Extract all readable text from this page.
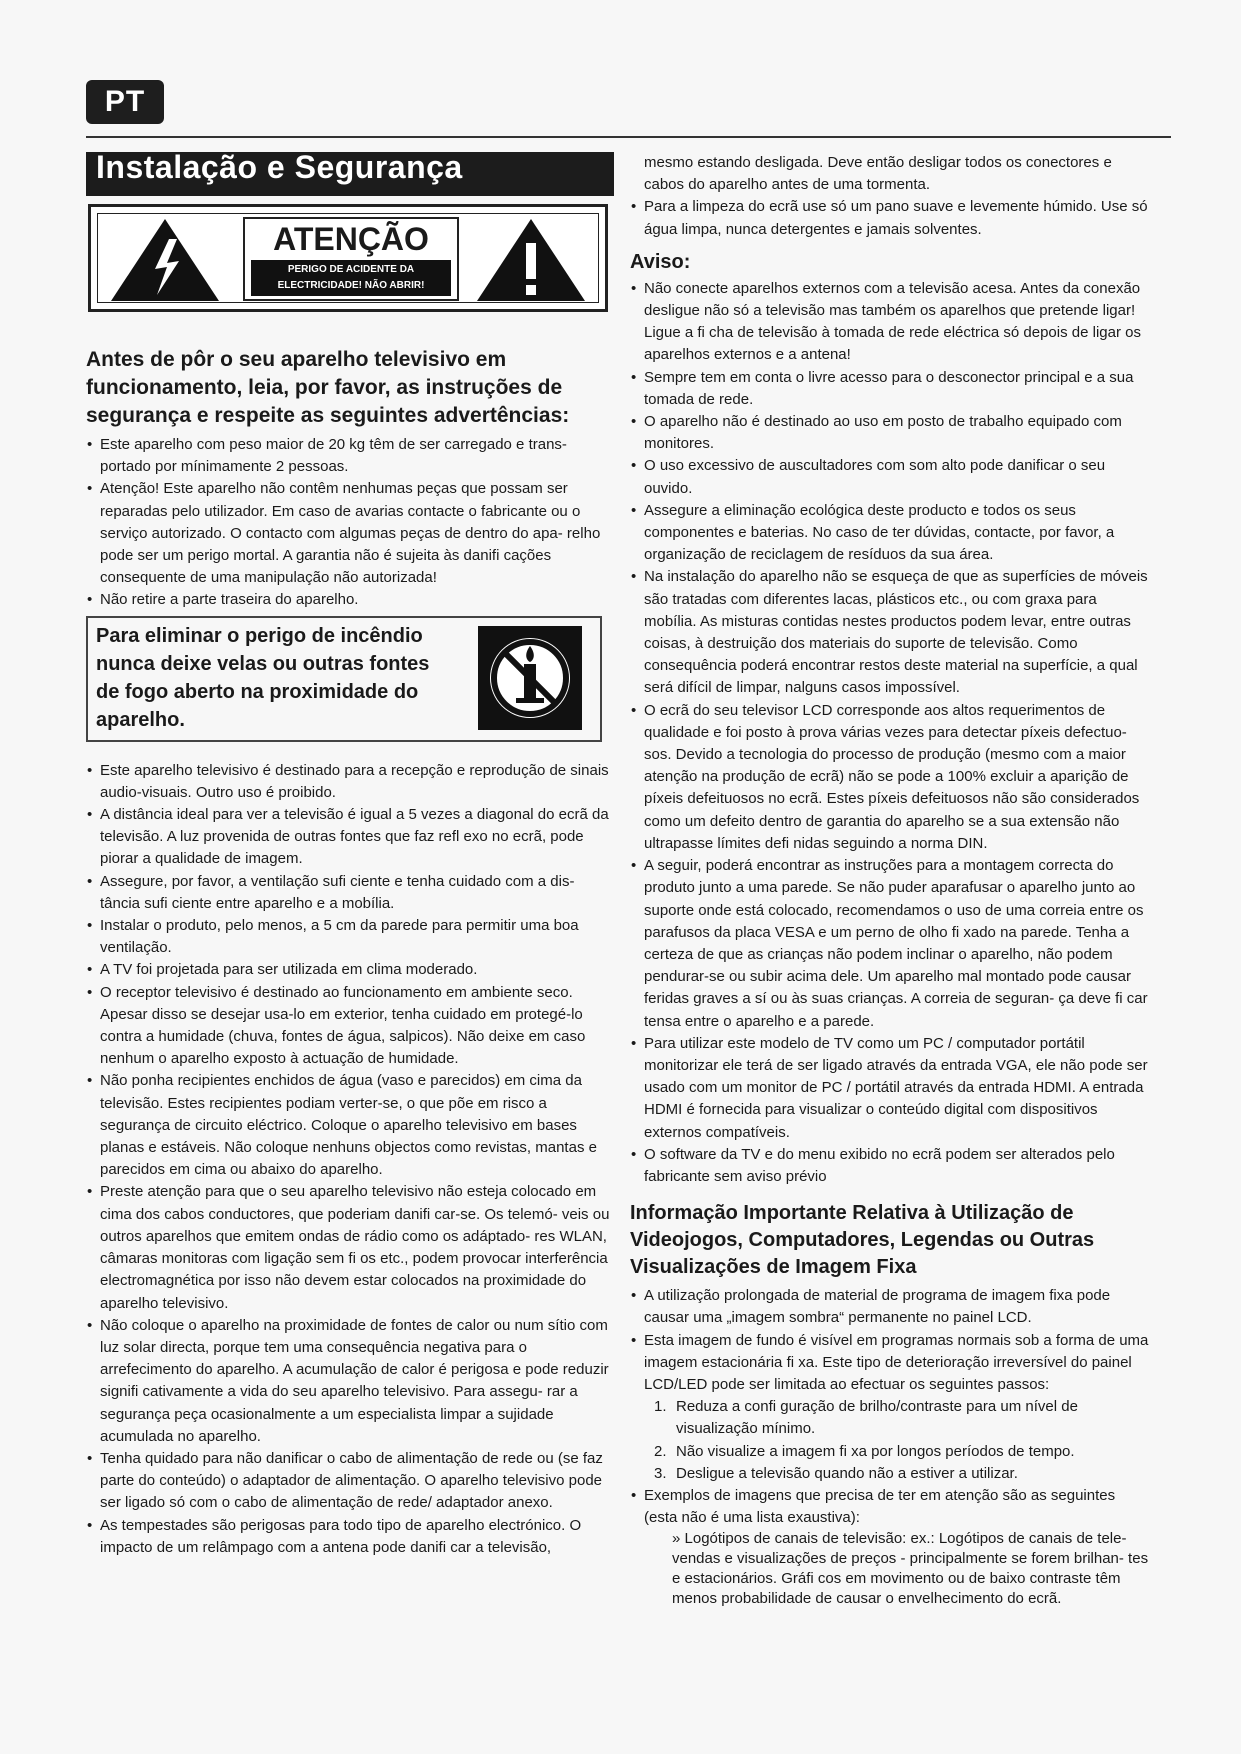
PT
Instalação e Segurança
ATENÇÃO
PERIGO DE ACIDENTE DA
ELECTRICIDADE! NÃO ABRIR!
Antes de pôr o seu aparelho televisivo em funcionamento, leia, por favor, as instruções de segurança e respeite as seguintes advertências:
• Este aparelho com peso maior de 20 kg têm de ser carregado e trans- portado por mínimamente 2 pessoas.
• Atenção! Este aparelho não contêm nenhumas peças que possam ser reparadas pelo utilizador. Em caso de avarias contacte o fabricante ou o serviço autorizado. O contacto com algumas peças de dentro do apa- relho pode ser um perigo mortal. A garantia não é sujeita às danifi cações consequente de uma manipulação não autorizada!
• Não retire a parte traseira do aparelho.
Para eliminar o perigo de incêndio nunca deixe velas ou outras fontes de fogo aberto na proximidade do aparelho.
• Este aparelho televisivo é destinado para a recepção e reprodução de sinais audio-visuais. Outro uso é proibido.
• A distância ideal para ver a televisão é igual a 5 vezes a diagonal do ecrã da televisão. A luz provenida de outras fontes que faz refl exo no ecrã, pode piorar a qualidade de imagem.
• Assegure, por favor, a ventilação sufi ciente e tenha cuidado com a dis- tância sufi ciente entre aparelho e a mobília.
• Instalar o produto, pelo menos, a 5 cm da parede para permitir uma boa ventilação.
• A TV foi projetada para ser utilizada em clima moderado.
• O receptor televisivo é destinado ao funcionamento em ambiente seco. Apesar disso se desejar usa-lo em exterior, tenha cuidado em protegé-lo contra a humidade (chuva, fontes de água, salpicos). Não deixe em caso nenhum o aparelho exposto à actuação de humidade.
• Não ponha recipientes enchidos de água (vaso e parecidos) em cima da televisão. Estes recipientes podiam verter-se, o que põe em risco a segurança de circuito eléctrico. Coloque o aparelho televisivo em bases planas e estáveis. Não coloque nenhuns objectos como revistas, mantas e parecidos em cima ou abaixo do aparelho.
• Preste atenção para que o seu aparelho televisivo não esteja colocado em cima dos cabos conductores, que poderiam danifi car-se. Os telemó- veis ou outros aparelhos que emitem ondas de rádio como os adáptado- res WLAN, câmaras monitoras com ligação sem fi os etc., podem provocar interferência electromagnética por isso não devem estar colocados na proximidade do aparelho televisivo.
• Não coloque o aparelho na proximidade de fontes de calor ou num sítio com luz solar directa, porque tem uma consequência negativa para o arrefecimento do aparelho. A acumulação de calor é perigosa e pode reduzir signifi cativamente a vida do seu aparelho televisivo. Para assegu- rar a segurança peça ocasionalmente a um especialista limpar a sujidade acumulada no aparelho.
• Tenha quidado para não danificar o cabo de alimentação de rede ou (se faz parte do conteúdo) o adaptador de alimentação. O aparelho televisivo pode ser ligado só com o cabo de alimentação de rede/ adaptador anexo.
• As tempestades são perigosas para todo tipo de aparelho electrónico. O impacto de um relâmpago com a antena pode danifi car a televisão,
mesmo estando desligada. Deve então desligar todos os conectores e cabos do aparelho antes de uma tormenta.
• Para a limpeza do ecrã use só um pano suave e levemente húmido. Use só água limpa, nunca detergentes e jamais solventes.
Aviso:
• Não conecte aparelhos externos com a televisão acesa. Antes da conexão desligue não só a televisão mas também os aparelhos que pretende ligar! Ligue a fi cha de televisão à tomada de rede eléctrica só depois de ligar os aparelhos externos e a antena!
• Sempre tem em conta o livre acesso para o desconector principal e a sua tomada de rede.
• O aparelho não é destinado ao uso em posto de trabalho equipado com monitores.
• O uso excessivo de auscultadores com som alto pode danificar o seu ouvido.
• Assegure a eliminação ecológica deste producto e todos os seus componentes e baterias. No caso de ter dúvidas, contacte, por favor, a organização de reciclagem de resíduos da sua área.
• Na instalação do aparelho não se esqueça de que as superfícies de móveis são tratadas com diferentes lacas, plásticos etc., ou com graxa para mobília. As misturas contidas nestes productos podem levar, entre outras coisas, à destruição dos materiais do suporte de televisão. Como consequência poderá encontrar restos deste material na superfície, a qual será difícil de limpar, nalguns casos impossível.
• O ecrã do seu televisor LCD corresponde aos altos requerimentos de qualidade e foi posto à prova várias vezes para detectar píxeis defectuo- sos. Devido a tecnologia do processo de produção (mesmo com a maior atenção na produção de ecrã) não se pode a 100% excluir a aparição de píxeis defeituosos no ecrã. Estes píxeis defeituosos não são considerados como um defeito dentro de garantia do aparelho se a sua extensão não ultrapasse límites defi nidas seguindo a norma DIN.
• A seguir, poderá encontrar as instruções para a montagem correcta do produto junto a uma parede. Se não puder aparafusar o aparelho junto ao suporte onde está colocado, recomendamos o uso de uma correia entre os parafusos da placa VESA e um perno de olho fi xado na parede. Tenha a certeza de que as crianças não podem inclinar o aparelho, não podem pendurar-se ou subir acima dele. Um aparelho mal montado pode causar feridas graves a sí ou às suas crianças. A correia de seguran- ça deve fi car tensa entre o aparelho e a parede.
• Para utilizar este modelo de TV como um PC / computador portátil monitorizar ele terá de ser ligado através da entrada VGA, ele não pode ser usado com um monitor de PC / portátil através da entrada HDMI. A entrada HDMI é fornecida para visualizar o conteúdo digital com dispositivos externos compatíveis.
• O software da TV e do menu exibido no ecrã podem ser alterados pelo fabricante sem aviso prévio
Informação Importante Relativa à Utilização de Videojogos, Computadores, Legendas ou Outras Visualizações de Imagem Fixa
• A utilização prolongada de material de programa de imagem fixa pode causar uma „imagem sombra“ permanente no painel LCD.
• Esta imagem de fundo é visível em programas normais sob a forma de uma imagem estacionária fi xa. Este tipo de deterioração irreversível do painel LCD/LED pode ser limitada ao efectuar os seguintes passos:
1. Reduza a confi guração de brilho/contraste para um nível de visualização mínimo.
2. Não visualize a imagem fi xa por longos períodos de tempo.
3. Desligue a televisão quando não a estiver a utilizar.
• Exemplos de imagens que precisa de ter em atenção são as seguintes (esta não é uma lista exaustiva):
» Logótipos de canais de televisão: ex.: Logótipos de canais de tele- vendas e visualizações de preços - principalmente se forem brilhan- tes e estacionários. Gráfi cos em movimento ou de baixo contraste têm menos probabilidade de causar o envelhecimento do ecrã.
